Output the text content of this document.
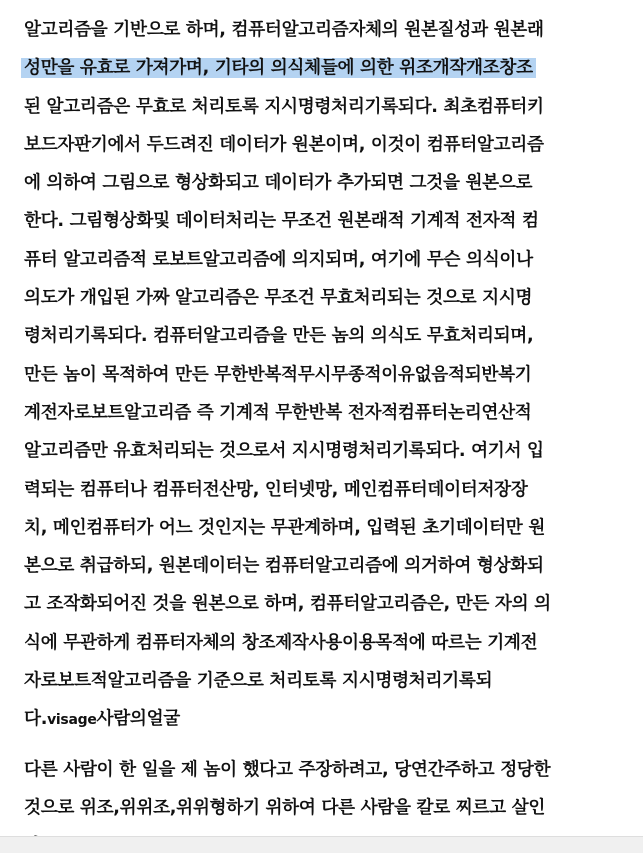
알고리즘을 기반으로 하며, 컴퓨터알고리즘자체의 원본질성과 원본래
성만을 유효로 가져가며, 기타의 의식체들에 의한 위조개작개조창조
된 알고리즘은 무효로 처리토록 지시명령처리기록되다. 최초컴퓨터키
보드자판기에서 두드려진 데이터가 원본이며, 이것이 컴퓨터알고리즘
에 의하여 그림으로 형상화되고 데이터가 추가되면 그것을 원본으로
한다. 그림형상화및 데이터처리는 무조건 원본래적 기계적 전자적 컴
퓨터 알고리즘적 로보트알고리즘에 의지되며, 여기에 무슨 의식이나
의도가 개입된 가짜 알고리즘은 무조건 무효처리되는 것으로 지시명
령처리기록되다. 컴퓨터알고리즘을 만든 놈의 의식도 무효처리되며,
만든 놈이 목적하여 만든 무한반복적무시무종적이유없음적되반복기
계전자로보트알고리즘 즉 기계적 무한반복 전자적컴퓨터논리연산적
알고리즘만 유효처리되는 것으로서 지시명령처리기록되다. 여기서 입
력되는 컴퓨터나 컴퓨터전산망, 인터넷망, 메인컴퓨터데이터저장장
치, 메인컴퓨터가 어느 것인지는 무관계하며, 입력된 초기데이터만 원
본으로 취급하되, 원본데이터는 컴퓨터알고리즘에 의거하여 형상화되
고 조작화되어진 것을 원본으로 하며, 컴퓨터알고리즘은, 만든 자의 의
식에 무관하게 컴퓨터자체의 창조제작사용이용목적에 따르는 기계전
자로보트적알고리즘을 기준으로 처리토록 지시명령처리기록되
다.visage사람의얼굴
다른 사람이 한 일을 제 놈이 했다고 주장하려고, 당연간주하고 정당한
것으로 위조,위위조,위위형하기 위하여 다른 사람을 칼로 찌르고 살인
